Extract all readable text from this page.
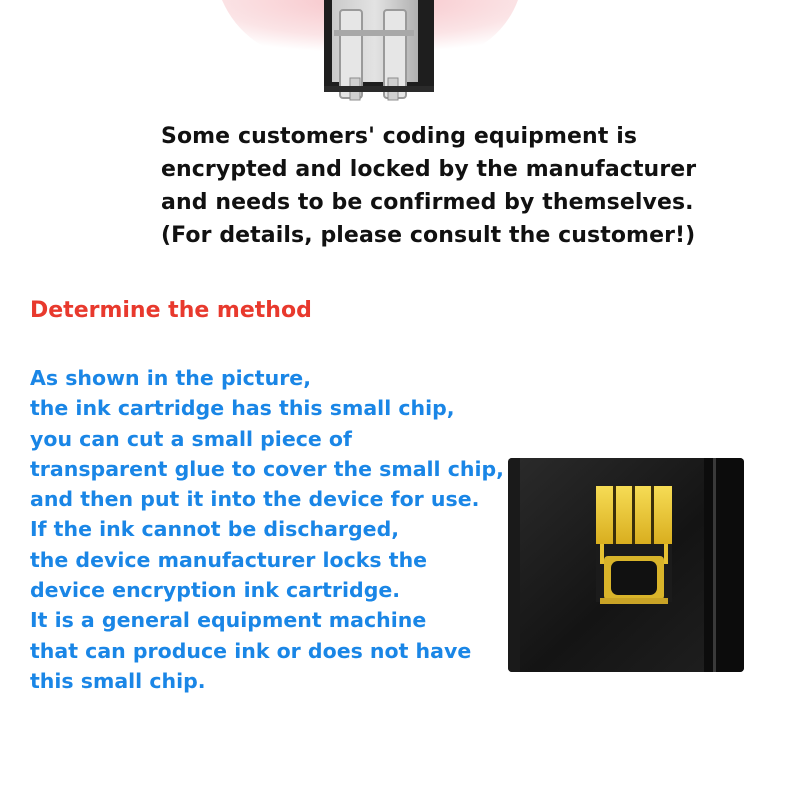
Some customers' coding equipment is
encrypted and locked by the manufacturer
and needs to be confirmed by themselves.
(For details, please consult the customer!)
Determine the method
As shown in the picture,
the ink cartridge has this small chip,
you can cut a small piece of
transparent glue to cover the small chip,
and then put it into the device for use.
If the ink cannot be discharged,
the device manufacturer locks the
device encryption ink cartridge.
It is a general equipment machine
that can produce ink or does not have
this small chip.
